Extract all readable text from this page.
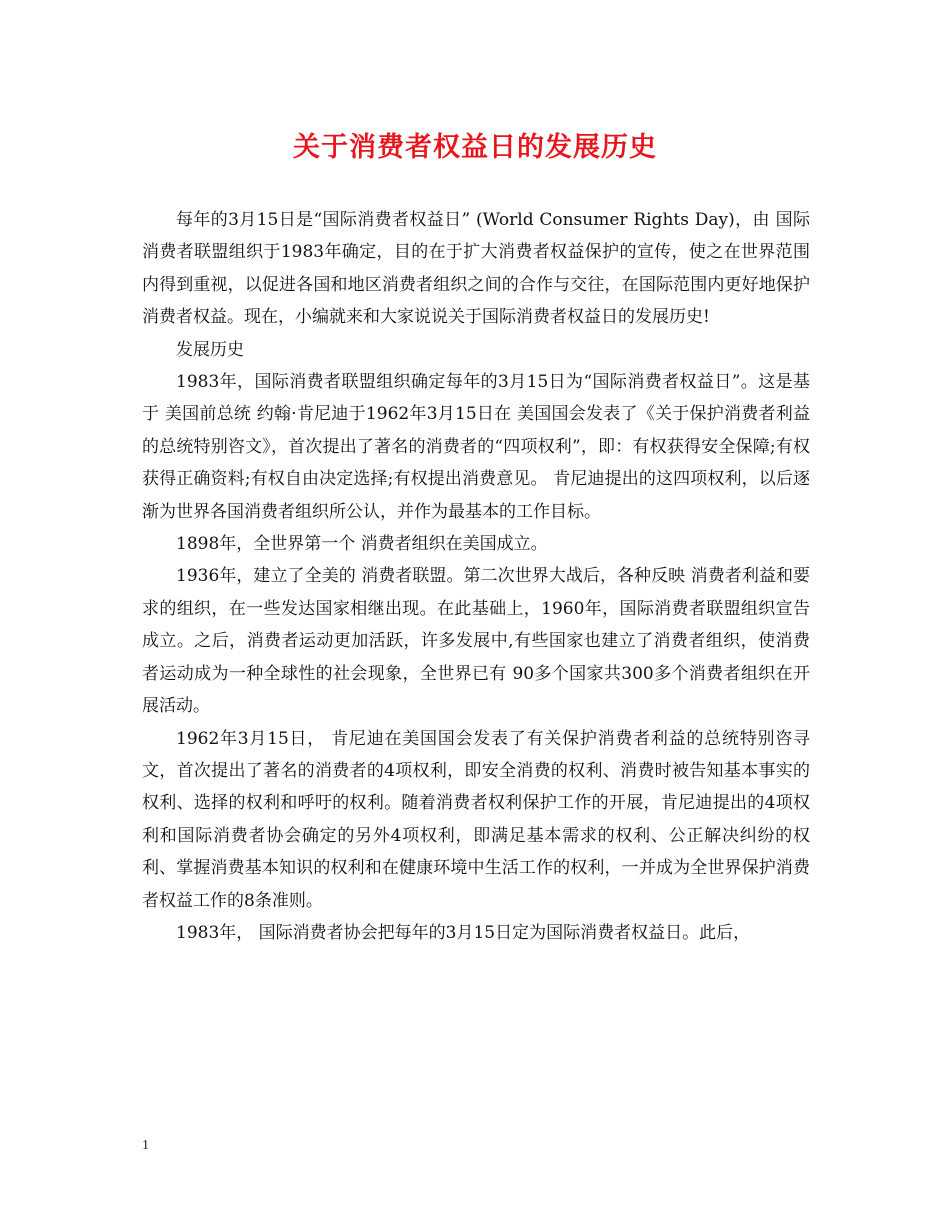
关于消费者权益日的发展历史

每年的3月15日是“国际消费者权益日” (World Consumer Rights Day)，由 国际消费者联盟组织于1983年确定，目的在于扩大消费者权益保护的宣传，使之在世界范围内得到重视，以促进各国和地区消费者组织之间的合作与交往，在国际范围内更好地保护 消费者权益。现在，小编就来和大家说说关于国际消费者权益日的发展历史!

发展历史

1983年，国际消费者联盟组织确定每年的3月15日为“国际消费者权益日”。这是基于 美国前总统 约翰·肯尼迪于1962年3月15日在 美国国会发表了《关于保护消费者利益的总统特别咨文》，首次提出了著名的消费者的“四项权利”，即：有权获得安全保障;有权获得正确资料;有权自由决定选择;有权提出消费意见。 肯尼迪提出的这四项权利，以后逐渐为世界各国消费者组织所公认，并作为最基本的工作目标。

1898年，全世界第一个 消费者组织在美国成立。

1936年，建立了全美的 消费者联盟。第二次世界大战后，各种反映 消费者利益和要求的组织，在一些发达国家相继出现。在此基础上，1960年，国际消费者联盟组织宣告成立。之后，消费者运动更加活跃，许多发展中,有些国家也建立了消费者组织，使消费者运动成为一种全球性的社会现象，全世界已有 90多个国家共300多个消费者组织在开展活动。

1962年3月15日， 肯尼迪在美国国会发表了有关保护消费者利益的总统特别咨寻文，首次提出了著名的消费者的4项权利，即安全消费的权利、消费时被告知基本事实的权利、选择的权利和呼吁的权利。随着消费者权利保护工作的开展，肯尼迪提出的4项权利和国际消费者协会确定的另外4项权利，即满足基本需求的权利、公正解决纠纷的权利、掌握消费基本知识的权利和在健康环境中生活工作的权利，一并成为全世界保护消费者权益工作的8条准则。

1983年， 国际消费者协会把每年的3月15日定为国际消费者权益日。此后，

1
